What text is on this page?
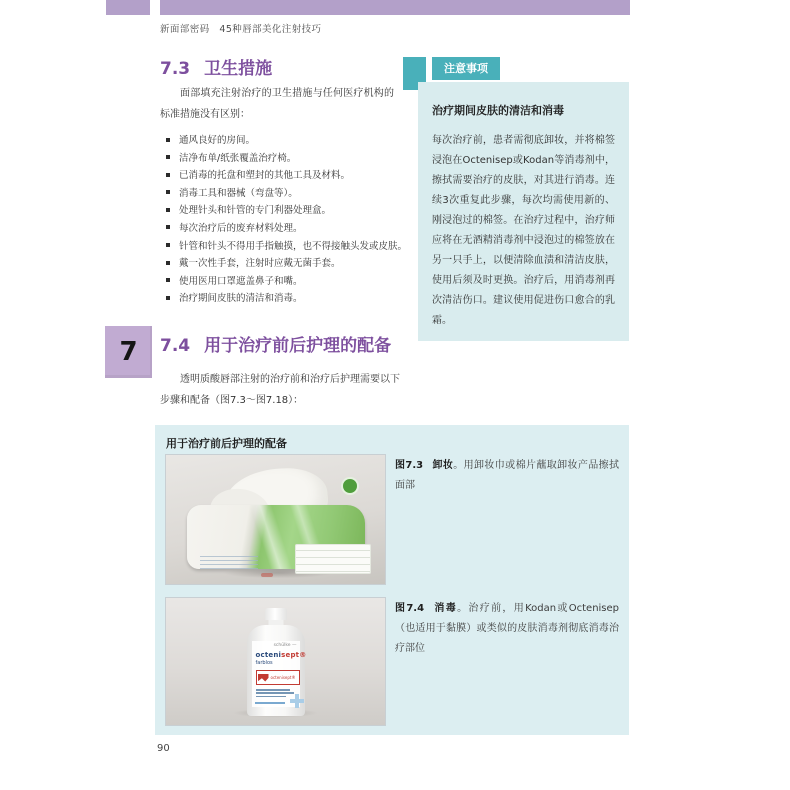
新面部密码　45种唇部美化注射技巧
7.3 卫生措施

面部填充注射治疗的卫生措施与任何医疗机构的标准措施没有区别：

通风良好的房间。
洁净布单/纸张覆盖治疗椅。
已消毒的托盘和塑封的其他工具及材料。
消毒工具和器械（弯盘等）。
处理针头和针管的专门利器处理盒。
每次治疗后的废弃材料处理。
针管和针头不得用手指触摸，也不得接触头发或皮肤。
戴一次性手套，注射时应戴无菌手套。
使用医用口罩遮盖鼻子和嘴。
治疗期间皮肤的清洁和消毒。
注意事项
治疗期间皮肤的清洁和消毒
每次治疗前，患者需彻底卸妆，并将棉签浸泡在Octenisep或Kodan等消毒剂中，擦拭需要治疗的皮肤，对其进行消毒。连续3次重复此步骤，每次均需使用新的、刚浸泡过的棉签。在治疗过程中，治疗师应将在无酒精消毒剂中浸泡过的棉签放在另一只手上，以便清除血渍和清洁皮肤，使用后须及时更换。治疗后，用消毒剂再次清洁伤口。建议使用促进伤口愈合的乳霜。
7	7.4 用于治疗前后护理的配备

透明质酸唇部注射的治疗前和治疗后护理需要以下步骤和配备（图7.3～图7.18）：

用于治疗前后护理的配备
图7.3 卸妆。用卸妆巾或棉片蘸取卸妆产品擦拭面部
schülke —
octenisept®
farblos
octenisept®
图7.4 消毒。治疗前，用Kodan或Octenisep（也适用于黏膜）或类似的皮肤消毒剂彻底消毒治疗部位
90
